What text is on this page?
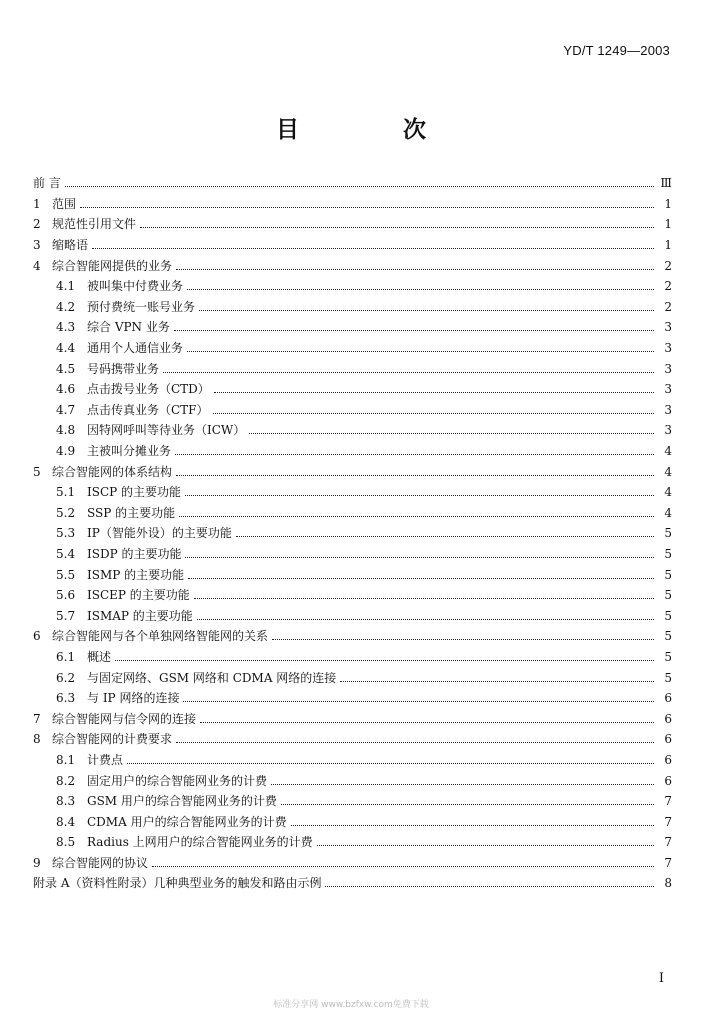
YD/T 1249—2003
目 次
前 言	Ⅲ
1 范围	1
2 规范性引用文件	1
3 缩略语	1
4 综合智能网提供的业务	2
4.1 被叫集中付费业务	2
4.2 预付费统一账号业务	2
4.3 综合 VPN 业务	3
4.4 通用个人通信业务	3
4.5 号码携带业务	3
4.6 点击拨号业务（CTD）	3
4.7 点击传真业务（CTF）	3
4.8 因特网呼叫等待业务（ICW）	3
4.9 主被叫分摊业务	4
5 综合智能网的体系结构	4
5.1 ISCP 的主要功能	4
5.2 SSP 的主要功能	4
5.3 IP（智能外设）的主要功能	5
5.4 ISDP 的主要功能	5
5.5 ISMP 的主要功能	5
5.6 ISCEP 的主要功能	5
5.7 ISMAP 的主要功能	5
6 综合智能网与各个单独网络智能网的关系	5
6.1 概述	5
6.2 与固定网络、GSM 网络和 CDMA 网络的连接	5
6.3 与 IP 网络的连接	6
7 综合智能网与信令网的连接	6
8 综合智能网的计费要求	6
8.1 计费点	6
8.2 固定用户的综合智能网业务的计费	6
8.3 GSM 用户的综合智能网业务的计费	7
8.4 CDMA 用户的综合智能网业务的计费	7
8.5 Radius 上网用户的综合智能网业务的计费	7
9 综合智能网的协议	7
附录 A（资料性附录）几种典型业务的触发和路由示例	8
I
标准分享网 www.bzfxw.com免费下载
